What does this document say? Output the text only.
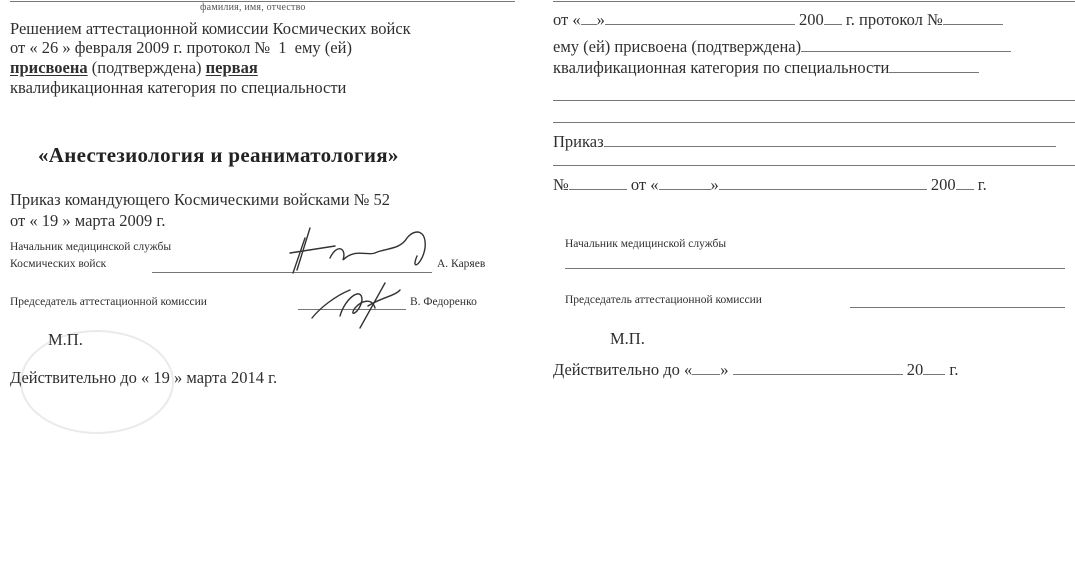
фамилия, имя, отчество
Решением аттестационной комиссии Космических войск
от « 26 » февраля 2009 г. протокол № 1 ему (ей)
присвоена (подтверждена) первая
квалификационная категория по специальности
«Анестезиология и реаниматология»
Приказ командующего Космическими войсками № 52
от « 19 » марта 2009 г.
Начальник медицинской службы
Космических войск	А. Каряев
Председатель аттестационной комиссии	В. Федоренко
М.П.
Действительно до « 19 » марта 2014 г.
от « »	200 г. протокол №
ему (ей) присвоена (подтверждена)
квалификационная категория по специальности
Приказ
№	от «	»	200 г.
Начальник медицинской службы
Председатель аттестационной комиссии
М.П.
Действительно до « »	20 г.
